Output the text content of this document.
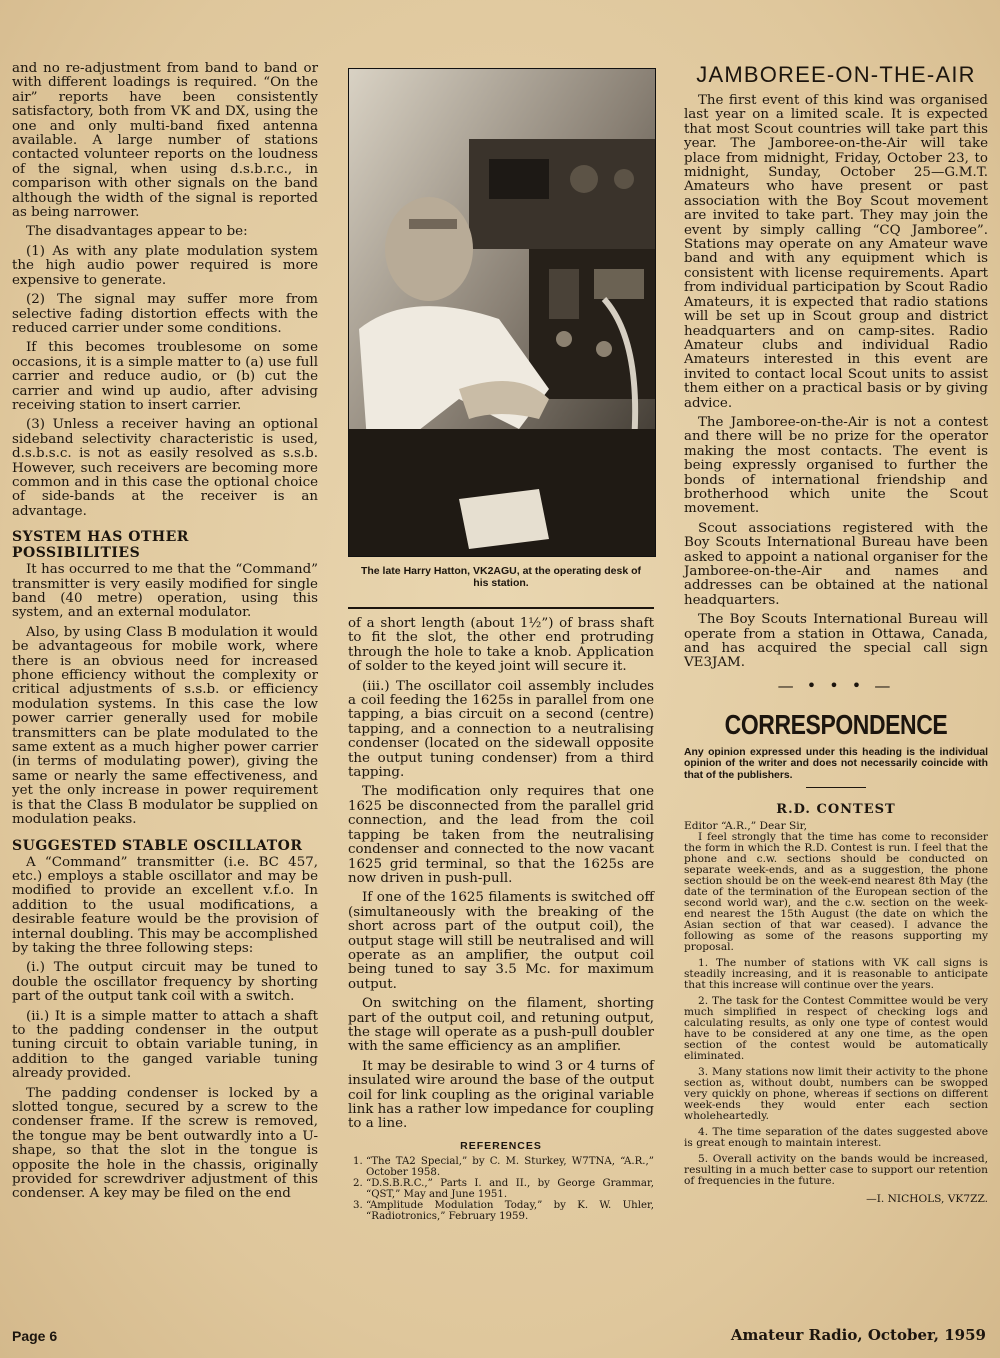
and no re-adjustment from band to band or with different loadings is required. “On the air” reports have been consistently satisfactory, both from VK and DX, using the one and only multi-band fixed antenna available. A large number of stations contacted volunteer reports on the loudness of the signal, when using d.s.b.r.c., in comparison with other signals on the band although the width of the signal is reported as being narrower.

The disadvantages appear to be:

(1) As with any plate modulation system the high audio power required is more expensive to generate.

(2) The signal may suffer more from selective fading distortion effects with the reduced carrier under some conditions.

If this becomes troublesome on some occasions, it is a simple matter to (a) use full carrier and reduce audio, or (b) cut the carrier and wind up audio, after advising receiving station to insert carrier.

(3) Unless a receiver having an optional sideband selectivity characteristic is used, d.s.b.s.c. is not as easily resolved as s.s.b. However, such receivers are becoming more common and in this case the optional choice of side-bands at the receiver is an advantage.

SYSTEM HAS OTHER POSSIBILITIES

It has occurred to me that the “Command” transmitter is very easily modified for single band (40 metre) operation, using this system, and an external modulator.

Also, by using Class B modulation it would be advantageous for mobile work, where there is an obvious need for increased phone efficiency without the complexity or critical adjustments of s.s.b. or efficiency modulation systems. In this case the low power carrier generally used for mobile transmitters can be plate modulated to the same extent as a much higher power carrier (in terms of modulating power), giving the same or nearly the same effectiveness, and yet the only increase in power requirement is that the Class B modulator be supplied on modulation peaks.

SUGGESTED STABLE OSCILLATOR

A “Command” transmitter (i.e. BC 457, etc.) employs a stable oscillator and may be modified to provide an excellent v.f.o. In addition to the usual modifications, a desirable feature would be the provision of internal doubling. This may be accomplished by taking the three following steps:

(i.) The output circuit may be tuned to double the oscillator frequency by shorting part of the output tank coil with a switch.

(ii.) It is a simple matter to attach a shaft to the padding condenser in the output tuning circuit to obtain variable tuning, in addition to the ganged variable tuning already provided.

The padding condenser is locked by a slotted tongue, secured by a screw to the condenser frame. If the screw is removed, the tongue may be bent outwardly into a U-shape, so that the slot in the tongue is opposite the hole in the chassis, originally provided for screwdriver adjustment of this condenser. A key may be filed on the end

The late Harry Hatton, VK2AGU, at the operating desk of his station.

of a short length (about 1½”) of brass shaft to fit the slot, the other end protruding through the hole to take a knob. Application of solder to the keyed joint will secure it.

(iii.) The oscillator coil assembly includes a coil feeding the 1625s in parallel from one tapping, a bias circuit on a second (centre) tapping, and a connection to a neutralising condenser (located on the sidewall opposite the output tuning condenser) from a third tapping.

The modification only requires that one 1625 be disconnected from the parallel grid connection, and the lead from the coil tapping be taken from the neutralising condenser and connected to the now vacant 1625 grid terminal, so that the 1625s are now driven in push-pull.

If one of the 1625 filaments is switched off (simultaneously with the breaking of the short across part of the output coil), the output stage will still be neutralised and will operate as an amplifier, the output coil being tuned to say 3.5 Mc. for maximum output.

On switching on the filament, shorting part of the output coil, and retuning output, the stage will operate as a push-pull doubler with the same efficiency as an amplifier.

It may be desirable to wind 3 or 4 turns of insulated wire around the base of the output coil for link coupling as the original variable link has a rather low impedance for coupling to a line.

REFERENCES
1. “The TA2 Special,” by C. M. Sturkey, W7TNA, “A.R.,” October 1958.
2. “D.S.B.R.C.,” Parts I. and II., by George Grammar, “QST,” May and June 1951.
3. “Amplitude Modulation Today,” by K. W. Uhler, “Radiotronics,” February 1959.
JAMBOREE-ON-THE-AIR

The first event of this kind was organised last year on a limited scale. It is expected that most Scout countries will take part this year. The Jamboree-on-the-Air will take place from midnight, Friday, October 23, to midnight, Sunday, October 25—G.M.T. Amateurs who have present or past association with the Boy Scout movement are invited to take part. They may join the event by simply calling “CQ Jamboree”. Stations may operate on any Amateur wave band and with any equipment which is consistent with license requirements. Apart from individual participation by Scout Radio Amateurs, it is expected that radio stations will be set up in Scout group and district headquarters and on camp-sites. Radio Amateur clubs and individual Radio Amateurs interested in this event are invited to contact local Scout units to assist them either on a practical basis or by giving advice.

The Jamboree-on-the-Air is not a contest and there will be no prize for the operator making the most contacts. The event is being expressly organised to further the bonds of international friendship and brotherhood which unite the Scout movement.

Scout associations registered with the Boy Scouts International Bureau have been asked to appoint a national organiser for the Jamboree-on-the-Air and names and addresses can be obtained at the national headquarters.

The Boy Scouts International Bureau will operate from a station in Ottawa, Canada, and has acquired the special call sign VE3JAM.

— • • • —
CORRESPONDENCE
Any opinion expressed under this heading is the individual opinion of the writer and does not necessarily coincide with that of the publishers.
R.D. CONTEST

Editor “A.R.,” Dear Sir,

I feel strongly that the time has come to reconsider the form in which the R.D. Contest is run. I feel that the phone and c.w. sections should be conducted on separate week-ends, and as a suggestion, the phone section should be on the week-end nearest 8th May (the date of the termination of the European section of the second world war), and the c.w. section on the week-end nearest the 15th August (the date on which the Asian section of that war ceased). I advance the following as some of the reasons supporting my proposal.

1. The number of stations with VK call signs is steadily increasing, and it is reasonable to anticipate that this increase will continue over the years.

2. The task for the Contest Committee would be very much simplified in respect of checking logs and calculating results, as only one type of contest would have to be considered at any one time, as the open section of the contest would be automatically eliminated.

3. Many stations now limit their activity to the phone section as, without doubt, numbers can be swopped very quickly on phone, whereas if sections on different week-ends they would enter each section wholeheartedly.

4. The time separation of the dates suggested above is great enough to maintain interest.

5. Overall activity on the bands would be increased, resulting in a much better case to support our retention of frequencies in the future.

—I. NICHOLS, VK7ZZ.
Page 6	Amateur Radio, October, 1959
